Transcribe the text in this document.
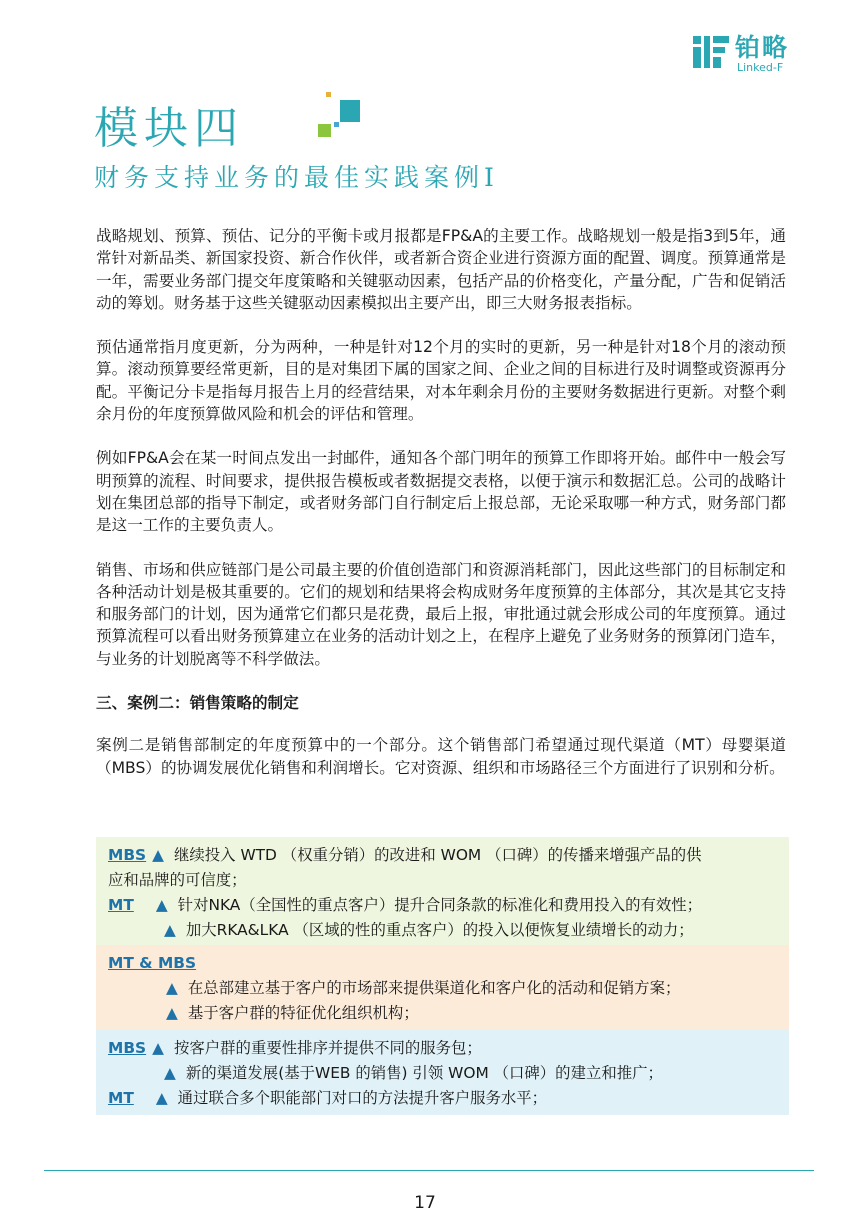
铂略
Linked-F
模块四
财务支持业务的最佳实践案例Ⅰ

战略规划、预算、预估、记分的平衡卡或月报都是FP&A的主要工作。战略规划一般是指3到5年，通常针对新品类、新国家投资、新合作伙伴，或者新合资企业进行资源方面的配置、调度。预算通常是一年，需要业务部门提交年度策略和关键驱动因素，包括产品的价格变化，产量分配，广告和促销活动的筹划。财务基于这些关键驱动因素模拟出主要产出，即三大财务报表指标。

预估通常指月度更新，分为两种，一种是针对12个月的实时的更新，另一种是针对18个月的滚动预算。滚动预算要经常更新，目的是对集团下属的国家之间、企业之间的目标进行及时调整或资源再分配。平衡记分卡是指每月报告上月的经营结果，对本年剩余月份的主要财务数据进行更新。对整个剩余月份的年度预算做风险和机会的评估和管理。

例如FP&A会在某一时间点发出一封邮件，通知各个部门明年的预算工作即将开始。邮件中一般会写明预算的流程、时间要求，提供报告模板或者数据提交表格，以便于演示和数据汇总。公司的战略计划在集团总部的指导下制定，或者财务部门自行制定后上报总部，无论采取哪一种方式，财务部门都是这一工作的主要负责人。

销售、市场和供应链部门是公司最主要的价值创造部门和资源消耗部门，因此这些部门的目标制定和各种活动计划是极其重要的。它们的规划和结果将会构成财务年度预算的主体部分，其次是其它支持和服务部门的计划，因为通常它们都只是花费，最后上报，审批通过就会形成公司的年度预算。通过预算流程可以看出财务预算建立在业务的活动计划之上，在程序上避免了业务财务的预算闭门造车，与业务的计划脱离等不科学做法。

三、案例二：销售策略的制定

案例二是销售部制定的年度预算中的一个部分。这个销售部门希望通过现代渠道（MT）母婴渠道（MBS）的协调发展优化销售和利润增长。它对资源、组织和市场路径三个方面进行了识别和分析。

MBS ▲ 继续投入 WTD （权重分销）的改进和 WOM （口碑）的传播来增强产品的供
应和品牌的可信度；
MT ▲ 针对NKA（全国性的重点客户）提升合同条款的标准化和费用投入的有效性；
▲ 加大RKA&LKA （区域的性的重点客户）的投入以便恢复业绩增长的动力；
MT & MBS
▲ 在总部建立基于客户的市场部来提供渠道化和客户化的活动和促销方案；
▲ 基于客户群的特征优化组织机构；
MBS ▲ 按客户群的重要性排序并提供不同的服务包；
▲ 新的渠道发展(基于WEB 的销售) 引领 WOM （口碑）的建立和推广；
MT ▲ 通过联合多个职能部门对口的方法提升客户服务水平；
17
